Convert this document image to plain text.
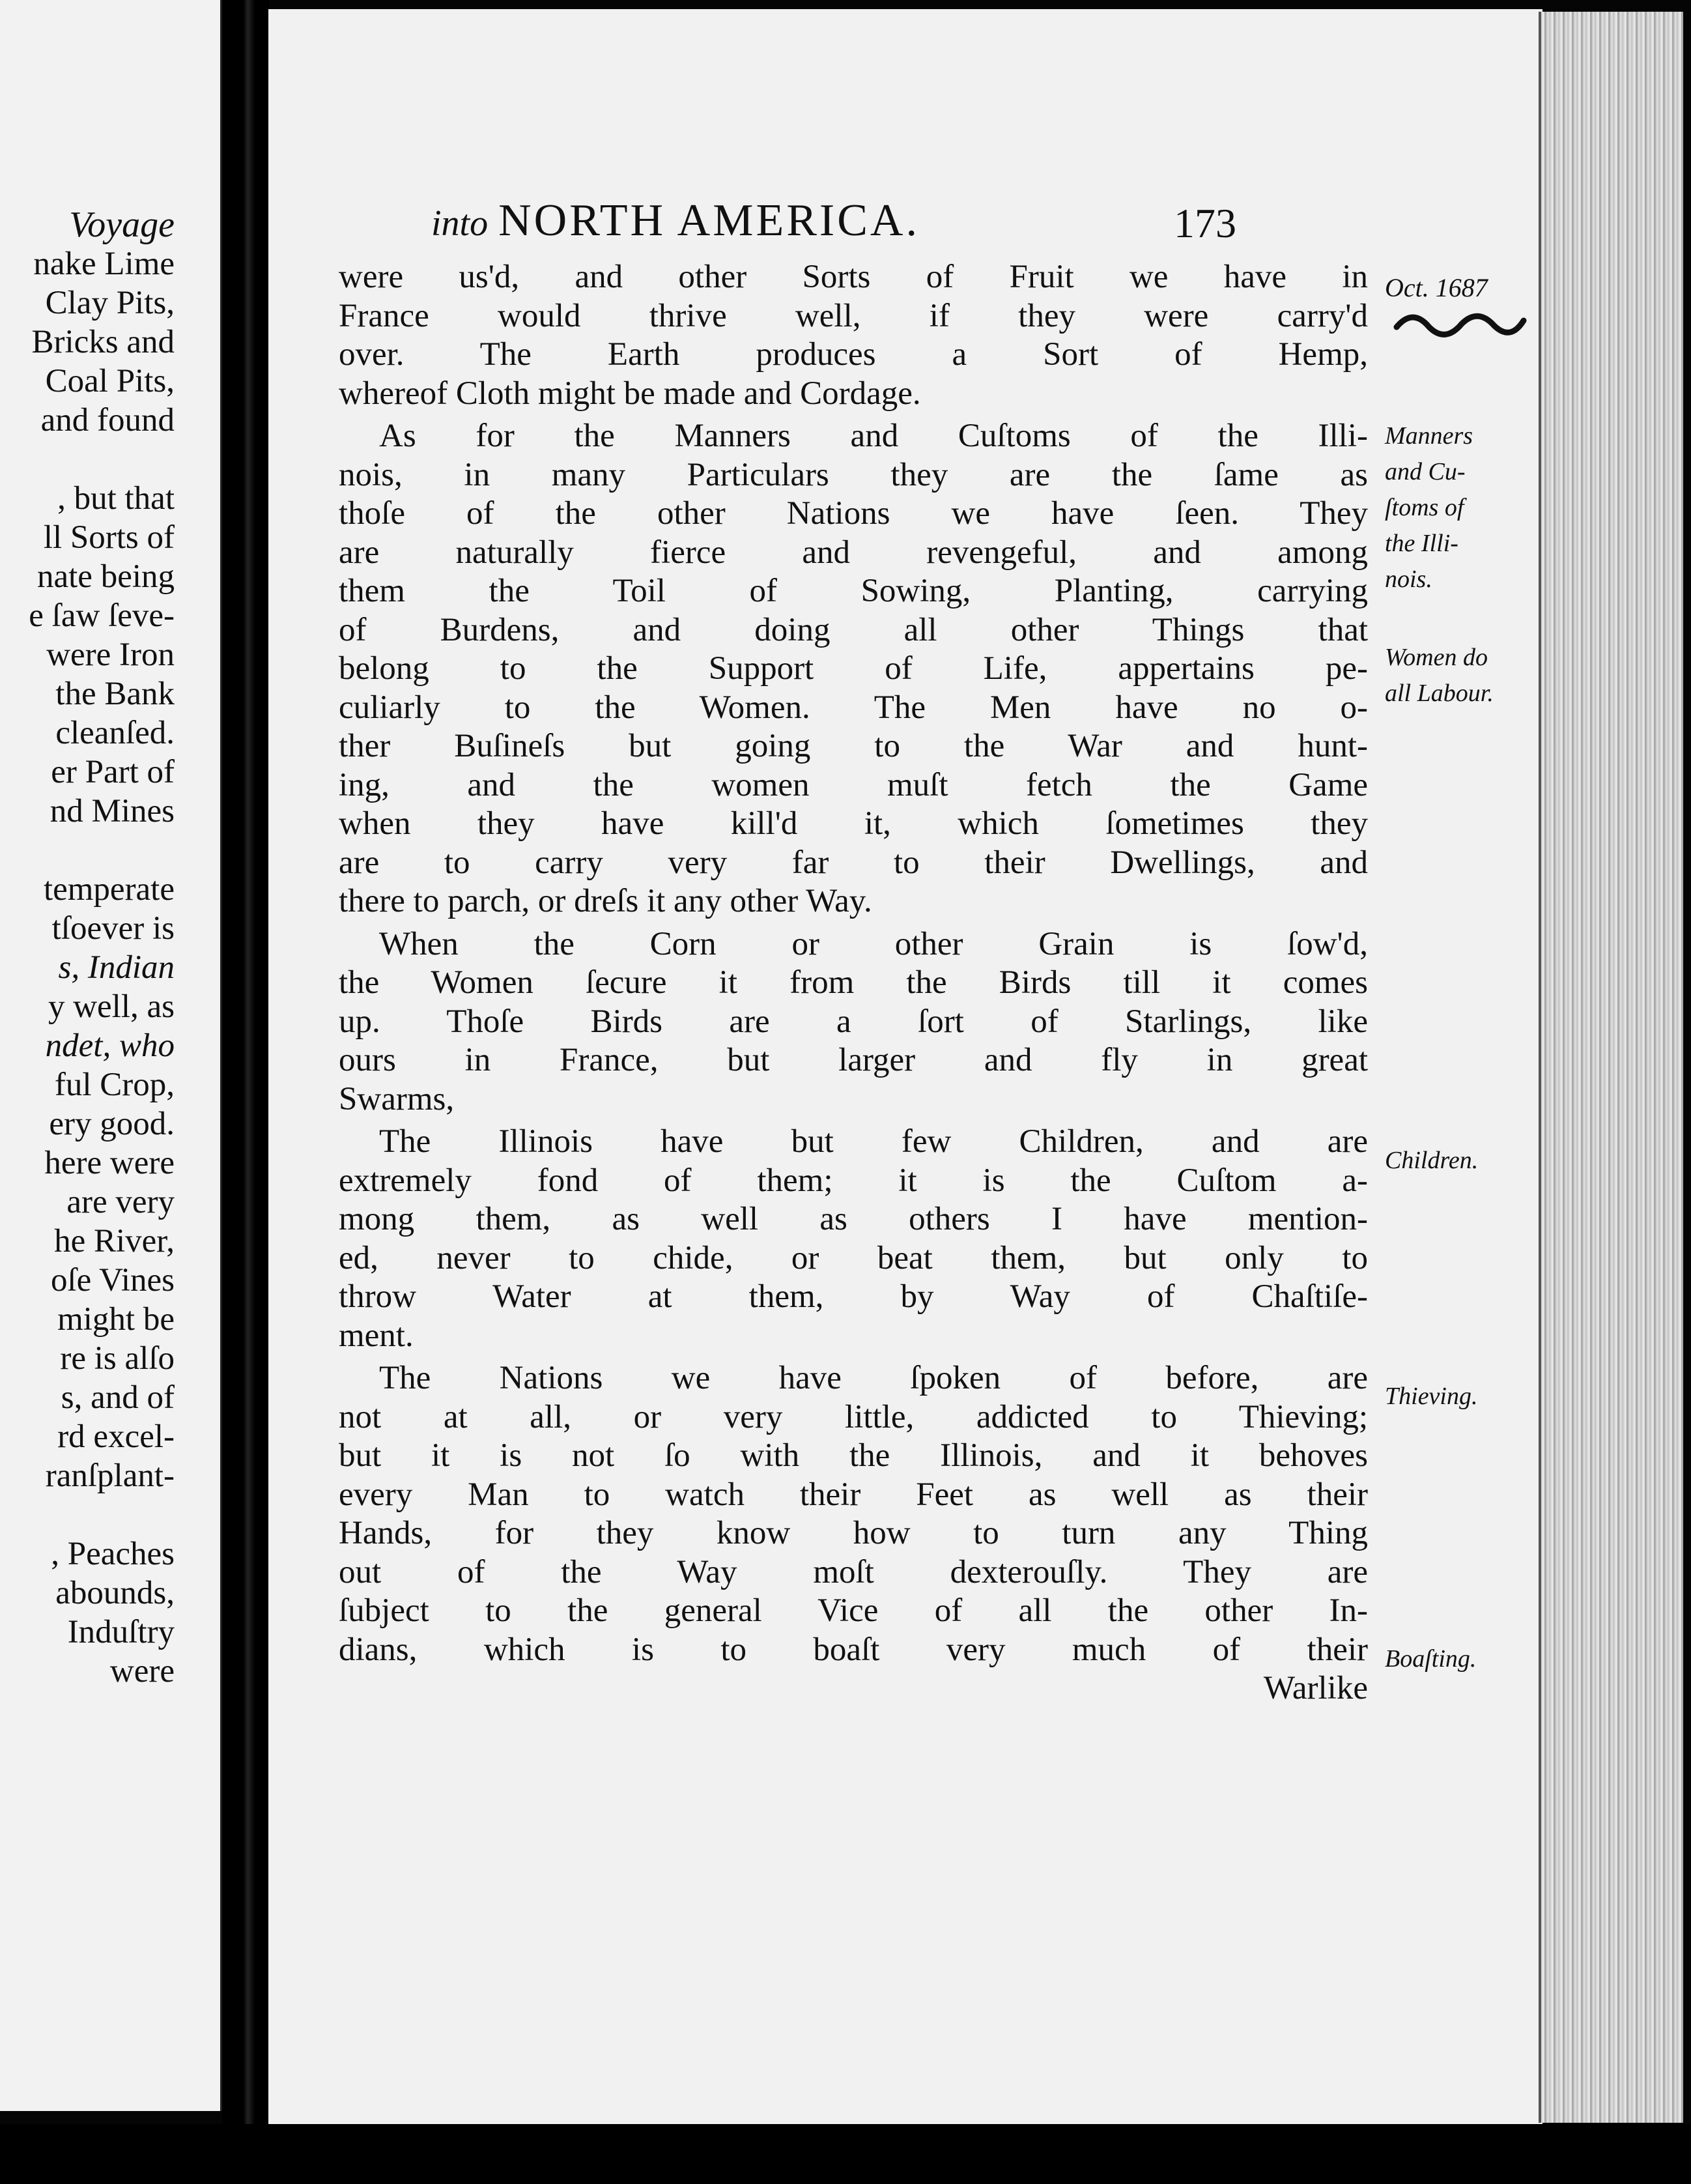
Voyage
nake Lime
Clay Pits,
Bricks and
Coal Pits,
and found
, but that
ll Sorts of
nate being
e ſaw ſeve-
were Iron
the Bank
cleanſed.
er Part of
nd Mines
temperate
tſoever is
s, Indian
y well, as
ndet, who
ful Crop,
ery good.
here were
are very
he River,
oſe Vines
might be
re is alſo
s, and of
rd excel-
ranſplant-
, Peaches
abounds,
Induſtry
were
into NORTH AMERICA.	173
were us'd, and other Sorts of Fruit we have in
France would thrive well, if they were carry'd
over. The Earth produces a Sort of Hemp,
whereof Cloth might be made and Cordage.
As for the Manners and Cuſtoms of the Illi-
nois, in many Particulars they are the ſame as
thoſe of the other Nations we have ſeen. They
are naturally fierce and revengeful, and among
them the Toil of Sowing, Planting, carrying
of Burdens, and doing all other Things that
belong to the Support of Life, appertains pe-
culiarly to the Women. The Men have no o-
ther Buſineſs but going to the War and hunt-
ing, and the women muſt fetch the Game
when they have kill'd it, which ſometimes they
are to carry very far to their Dwellings, and
there to parch, or dreſs it any other Way.
When the Corn or other Grain is ſow'd,
the Women ſecure it from the Birds till it comes
up. Thoſe Birds are a ſort of Starlings, like
ours in France, but larger and fly in great
Swarms,
The Illinois have but few Children, and are
extremely fond of them; it is the Cuſtom a-
mong them, as well as others I have mention-
ed, never to chide, or beat them, but only to
throw Water at them, by Way of Chaſtiſe-
ment.
The Nations we have ſpoken of before, are
not at all, or very little, addicted to Thieving;
but it is not ſo with the Illinois, and it behoves
every Man to watch their Feet as well as their
Hands, for they know how to turn any Thing
out of the Way moſt dexterouſly. They are
ſubject to the general Vice of all the other In-
dians, which is to boaſt very much of their
Warlike
Oct. 1687
Manners
and Cu-
ſtoms of
the Illi-
nois.
Women do
all Labour.
Children.
Thieving.
Boaſting.
